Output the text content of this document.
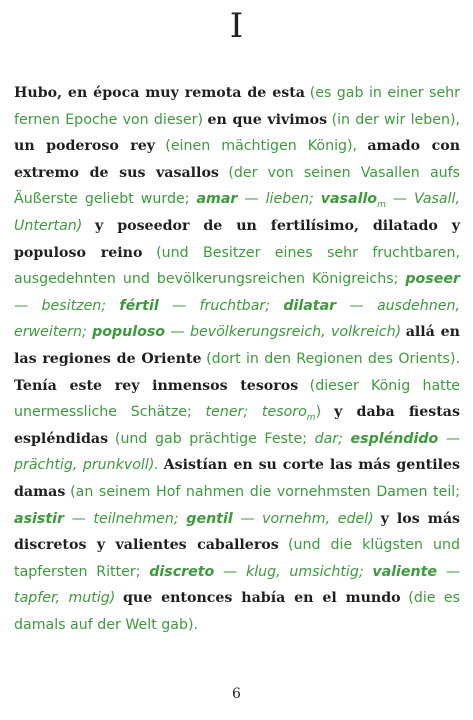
I
Hubo, en época muy remota de esta (es gab in einer sehr fernen Epoche von dieser) en que vivimos (in der wir leben), un poderoso rey (einen mächtigen König), amado con extremo de sus vasallos (der von seinen Vasallen aufs Äußerste geliebt wurde; amar — lieben; vasallo$_m$ — Vasall, Untertan) y poseedor de un fertilísimo, dilatado y populoso reino (und Besitzer eines sehr fruchtbaren, ausgedehnten und bevölkerungsreichen Königreichs; poseer — besitzen; fértil — fruchtbar; dilatar — ausdehnen, erweitern; populoso — bevölkerungsreich, volkreich) allá en las regiones de Oriente (dort in den Regionen des Orients). Tenía este rey inmensos tesoros (dieser König hatte unermessliche Schätze; tener; tesoro$_m$) y daba fiestas espléndidas (und gab prächtige Feste; dar; espléndido — prächtig, prunkvoll). Asistían en su corte las más gentiles damas (an seinem Hof nahmen die vornehmsten Damen teil; asistir — teilnehmen; gentil — vornehm, edel) y los más discretos y valientes caballeros (und die klügsten und tapfersten Ritter; discreto — klug, umsichtig; valiente — tapfer, mutig) que entonces había en el mundo (die es damals auf der Welt gab).
6
